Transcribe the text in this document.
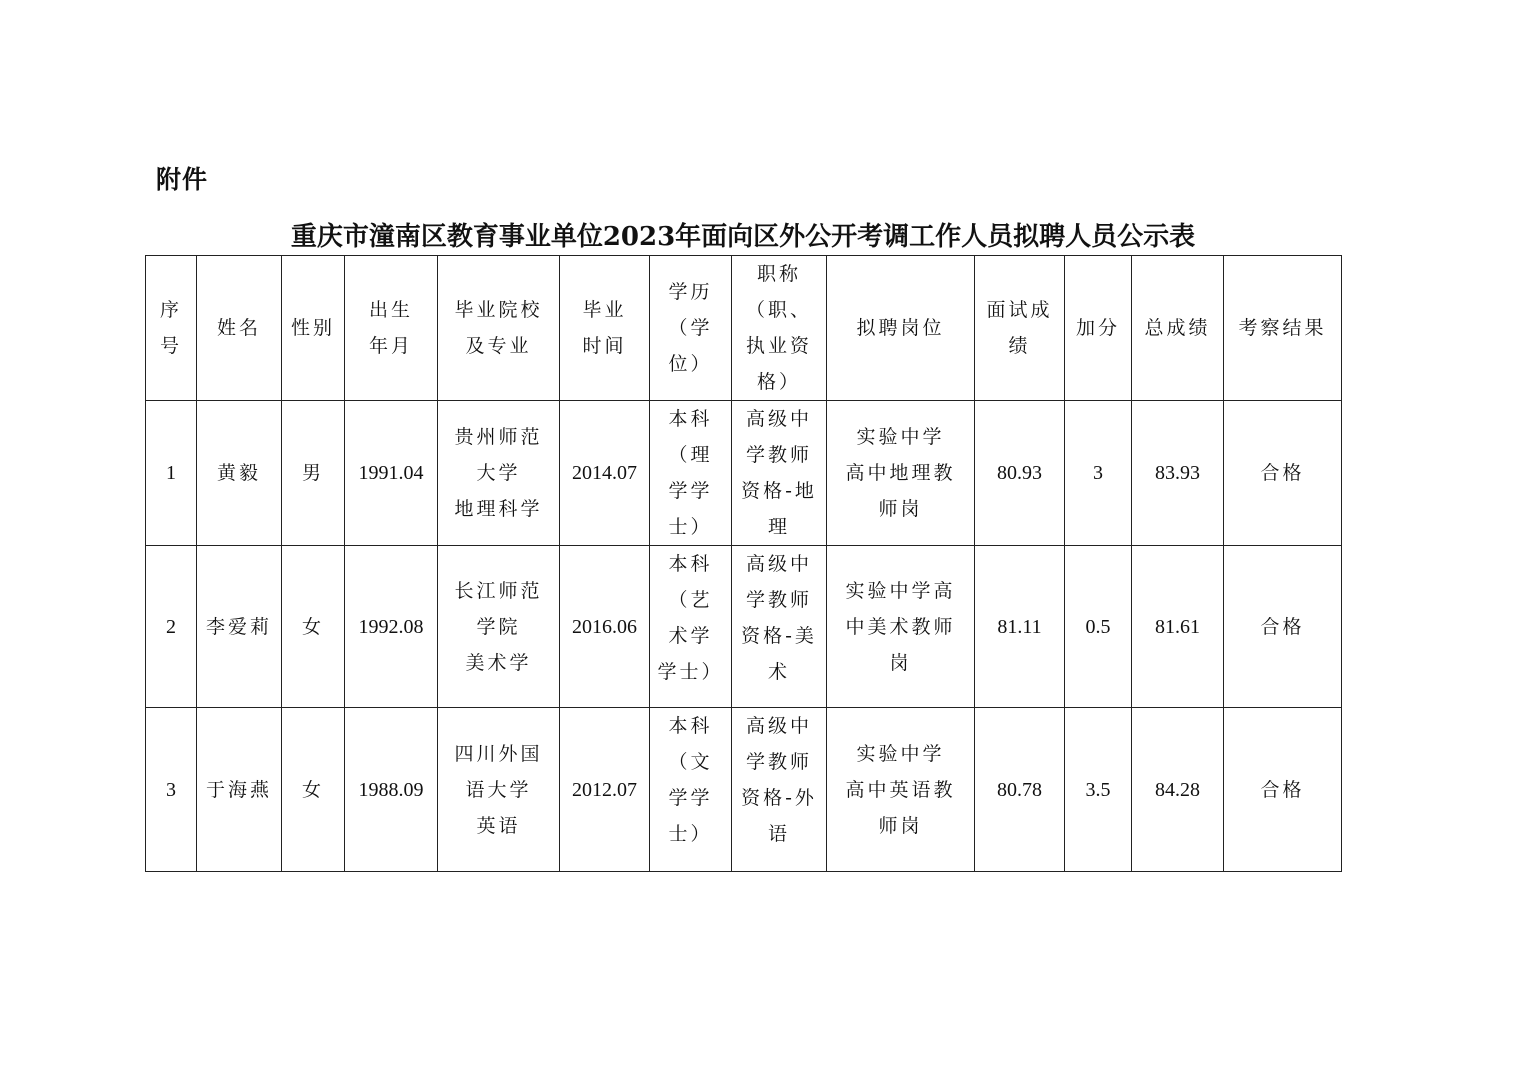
附件
重庆市潼南区教育事业单位2023年面向区外公开考调工作人员拟聘人员公示表
序
号	姓名	性别	出生
年月	毕业院校
及专业	毕业
时间	学历
（学
位）	职称
（职、
执业资
格）	拟聘岗位	面试成
绩	加分	总成绩	考察结果

1	黄毅	男	1991.04	贵州师范
大学
地理科学	2014.07	本科
（理
学学
士）	高级中
学教师
资格-地
理	实验中学
高中地理教
师岗	80.93	3	83.93	合格
2	李爱莉	女	1992.08	长江师范
学院
美术学	2016.06	本科
（艺
术学
学士）	高级中
学教师
资格-美
术	实验中学高
中美术教师
岗	81.11	0.5	81.61	合格
3	于海燕	女	1988.09	四川外国
语大学
英语	2012.07	本科
（文
学学
士）	高级中
学教师
资格-外
语	实验中学
高中英语教
师岗	80.78	3.5	84.28	合格
